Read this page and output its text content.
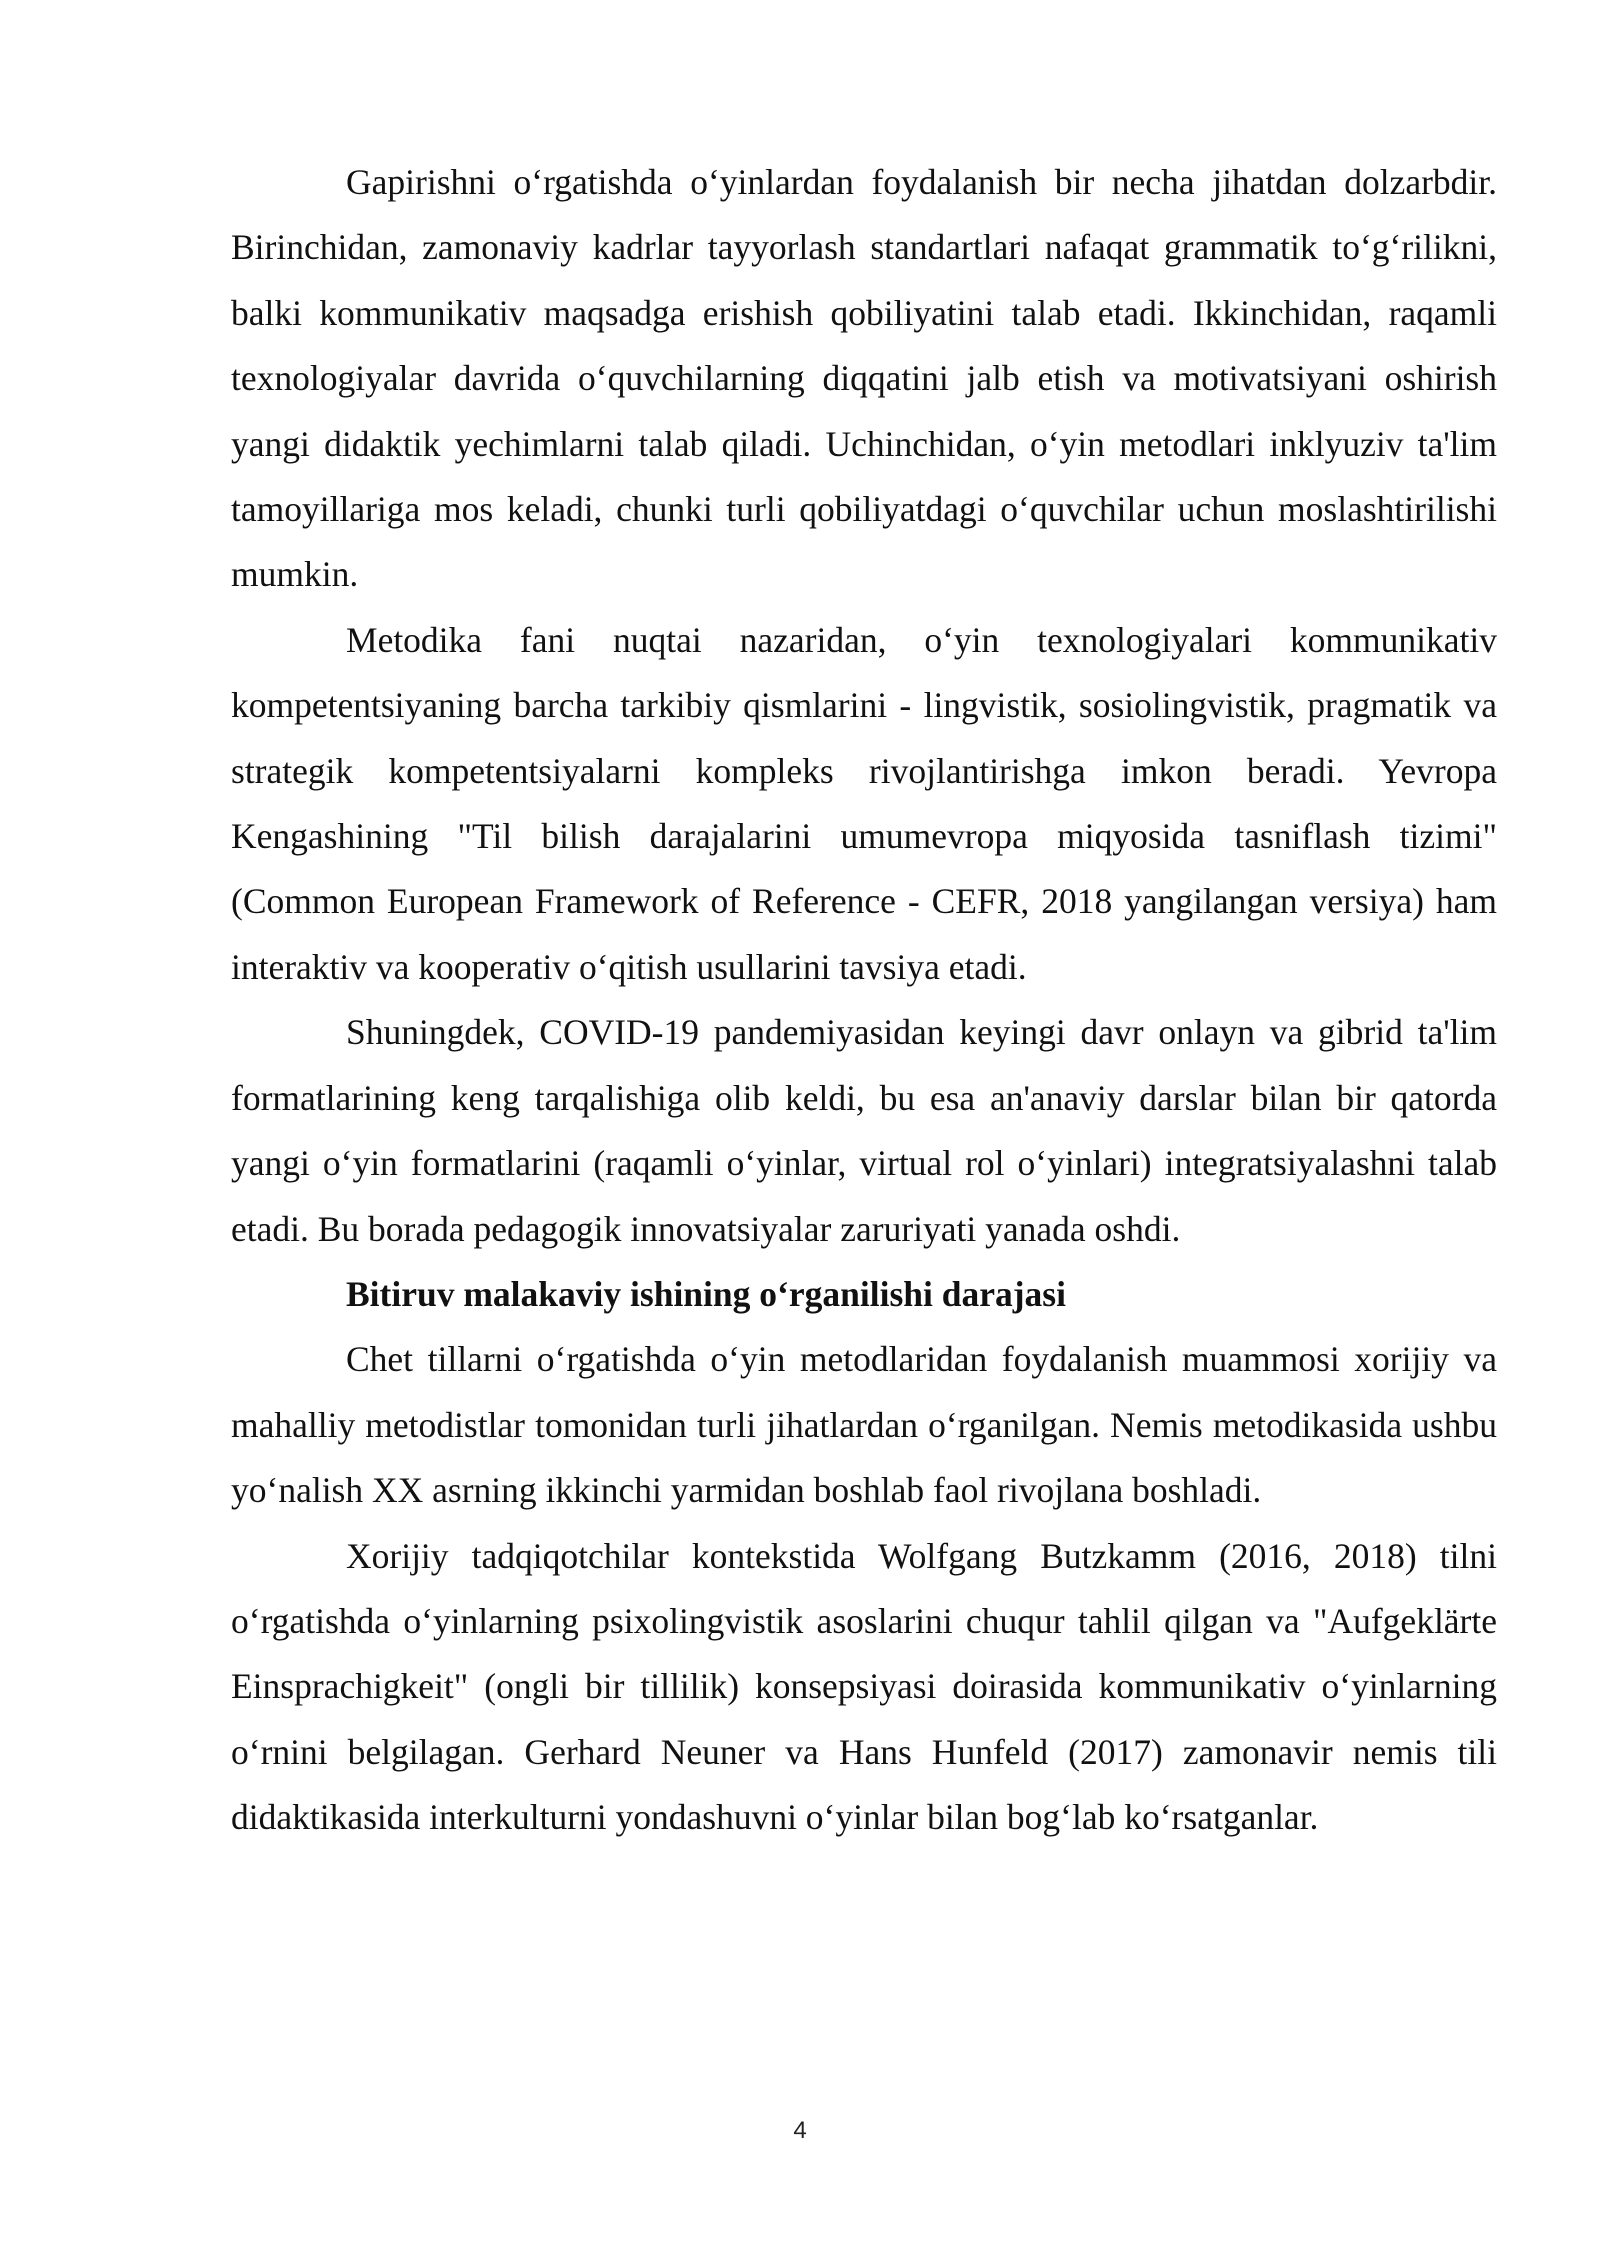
Gapirishni o‘rgatishda o‘yinlardan foydalanish bir necha jihatdan dolzarbdir. Birinchidan, zamonaviy kadrlar tayyorlash standartlari nafaqat grammatik to‘g‘rilikni, balki kommunikativ maqsadga erishish qobiliyatini talab etadi. Ikkinchidan, raqamli texnologiyalar davrida o‘quvchilarning diqqatini jalb etish va motivatsiyani oshirish yangi didaktik yechimlarni talab qiladi. Uchinchidan, o‘yin metodlari inklyuziv ta'lim tamoyillariga mos keladi, chunki turli qobiliyatdagi o‘quvchilar uchun moslashtirilishi mumkin.

Metodika fani nuqtai nazaridan, o‘yin texnologiyalari kommunikativ kompetentsiyaning barcha tarkibiy qismlarini - lingvistik, sosiolingvistik, pragmatik va strategik kompetentsiyalarni kompleks rivojlantirishga imkon beradi. Yevropa Kengashining "Til bilish darajalarini umumevropa miqyosida tasniflash tizimi" (Common European Framework of Reference - CEFR, 2018 yangilangan versiya) ham interaktiv va kooperativ o‘qitish usullarini tavsiya etadi.

Shuningdek, COVID-19 pandemiyasidan keyingi davr onlayn va gibrid ta'lim formatlarining keng tarqalishiga olib keldi, bu esa an'anaviy darslar bilan bir qatorda yangi o‘yin formatlarini (raqamli o‘yinlar, virtual rol o‘yinlari) integratsiyalashni talab etadi. Bu borada pedagogik innovatsiyalar zaruriyati yanada oshdi.

Bitiruv malakaviy ishining o‘rganilishi darajasi

Chet tillarni o‘rgatishda o‘yin metodlaridan foydalanish muammosi xorijiy va mahalliy metodistlar tomonidan turli jihatlardan o‘rganilgan. Nemis metodikasida ushbu yo‘nalish XX asrning ikkinchi yarmidan boshlab faol rivojlana boshladi.

Xorijiy tadqiqotchilar kontekstida Wolfgang Butzkamm (2016, 2018) tilni o‘rgatishda o‘yinlarning psixolingvistik asoslarini chuqur tahlil qilgan va "Aufgeklärte Einsprachigkeit" (ongli bir tillilik) konsepsiyasi doirasida kommunikativ o‘yinlarning o‘rnini belgilagan. Gerhard Neuner va Hans Hunfeld (2017) zamonavir nemis tili didaktikasida interkulturni yondashuvni o‘yinlar bilan bog‘lab ko‘rsatganlar.

4
